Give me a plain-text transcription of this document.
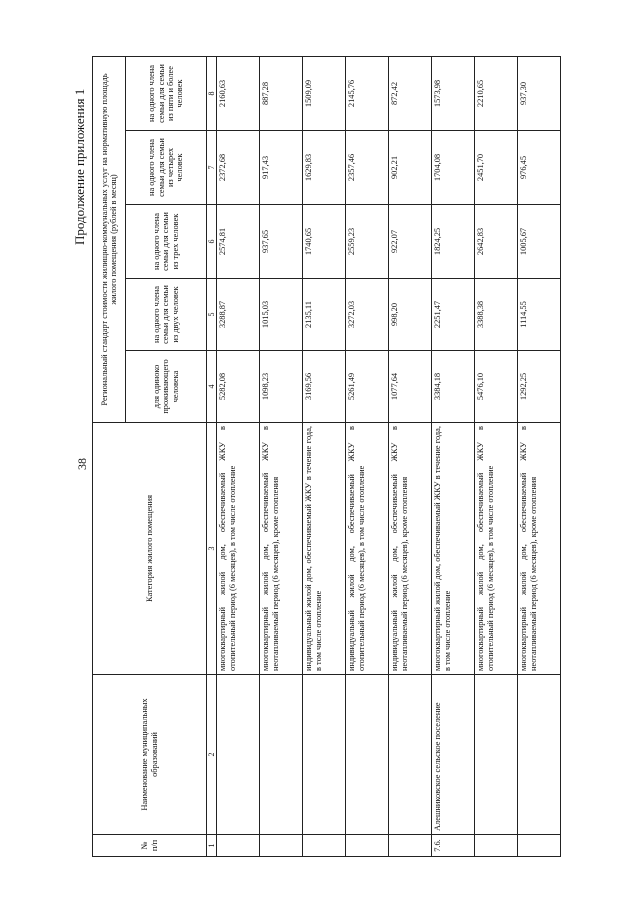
38
Продолжение приложения 1
№ п/п	Наименование муниципальных образований	Категория жилого помещения	Региональный стандарт стоимости жилищно-коммунальных услуг на нормативную площадь жилого помещения (рублей в месяц)				
			для одиноко проживающего человека	на одного члена семьи для семьи из двух человек	на одного члена семьи для семьи из трех человек	на одного члена семьи для семьи из четырех человек	на одного члена семьи для семьи из пяти и более человек
1	2	3	4	5	6	7	8
		многоквартирный жилой дом, обеспечиваемый ЖКУ в отопительный период (6 месяцев), в том числе отопление	5282,08	3288,87	2574,81	2372,68	2160,63
		многоквартирный жилой дом, обеспечиваемый ЖКУ в неотапливаемый период (6 месяцев), кроме отопления	1098,23	1015,03	937,65	917,43	887,28
		индивидуальный жилой дом, обеспечиваемый ЖКУ в течение года, в том числе отопление	3169,56	2135,11	1740,65	1629,83	1509,09
		индивидуальный жилой дом, обеспечиваемый ЖКУ в отопительный период (6 месяцев), в том числе отопление	5261,49	3272,03	2559,23	2357,46	2145,76
		индивидуальный жилой дом, обеспечиваемый ЖКУ в неотапливаемый период (6 месяцев), кроме отопления	1077,64	998,20	922,07	902,21	872,42
7.6.	Алешниковское сельское поселение	многоквартирный жилой дом, обеспечиваемый ЖКУ в течение года, в том числе отопление	3384,18	2251,47	1824,25	1704,08	1573,98
		многоквартирный жилой дом, обеспечиваемый ЖКУ в отопительный период (6 месяцев), в том числе отопление	5476,10	3388,38	2642,83	2451,70	2210,65
		многоквартирный жилой дом, обеспечиваемый ЖКУ в неотапливаемый период (6 месяцев), кроме отопления	1292,25	1114,55	1005,67	976,45	937,30
